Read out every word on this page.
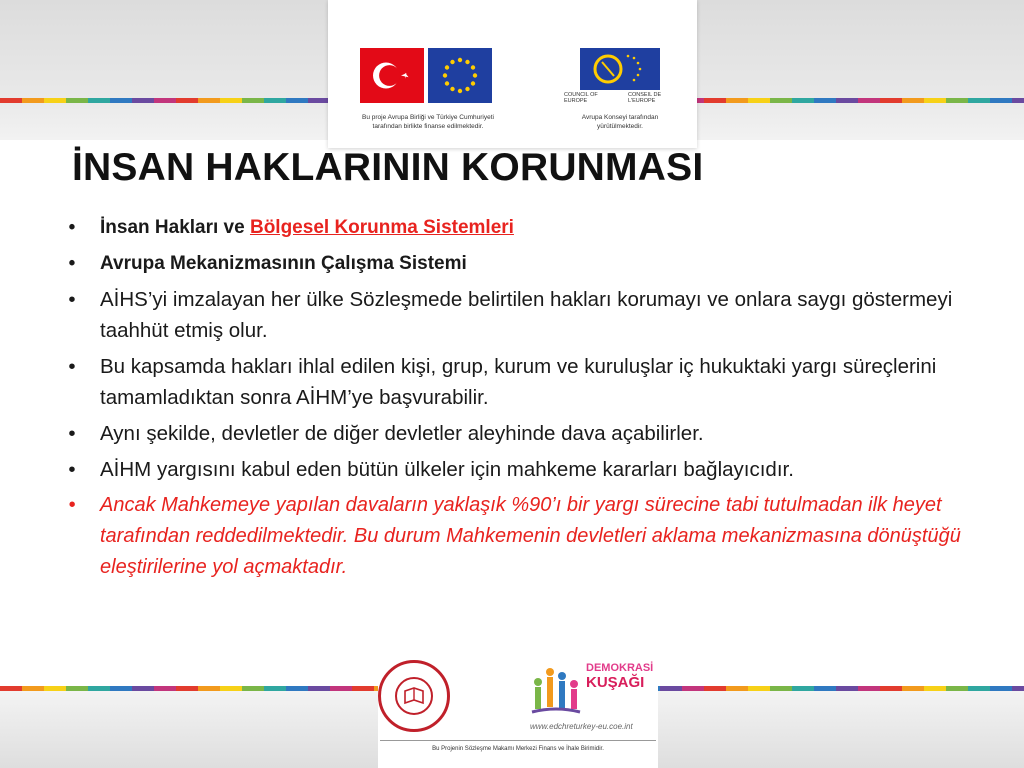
Bu proje Avrupa Birliği ve Türkiye Cumhuriyeti
tarafından birlikte finanse edilmektedir.
COUNCIL OF EUROPE
CONSEIL DE L'EUROPE
Avrupa Konseyi tarafından
yürütülmektedir.
İNSAN HAKLARININ KORUNMASI
•	İnsan Hakları ve Bölgesel Korunma Sistemleri
•	Avrupa Mekanizmasının Çalışma Sistemi
•	AİHS’yi imzalayan her ülke Sözleşmede belirtilen hakları korumayı ve onlara saygı göstermeyi taahhüt etmiş olur.
•	Bu kapsamda hakları ihlal edilen kişi, grup, kurum ve kuruluşlar iç hukuktaki yargı süreçlerini tamamladıktan sonra AİHM’ye başvurabilir.
•	Aynı şekilde, devletler de diğer devletler aleyhinde dava açabilirler.
•	AİHM yargısını kabul eden bütün ülkeler için mahkeme kararları bağlayıcıdır.
•	Ancak Mahkemeye yapılan davaların yaklaşık %90’ı bir yargı sürecine tabi tutulmadan ilk heyet tarafından reddedilmektedir. Bu durum Mahkemenin devletleri aklama mekanizmasına dönüştüğü eleştirilerine yol açmaktadır.
DEMOKRASİ
KUŞAĞI
www.edchreturkey-eu.coe.int
Bu Projenin Sözleşme Makamı Merkezi Finans ve İhale Birimidir.
